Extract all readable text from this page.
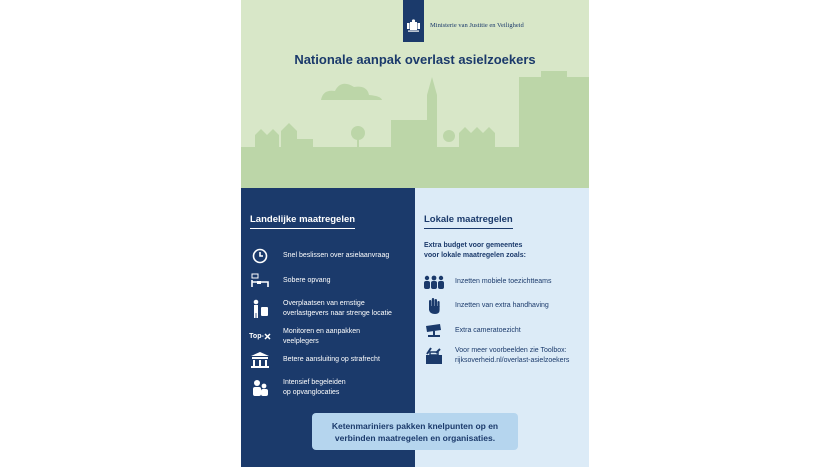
Ministerie van Justitie en Veiligheid
Nationale aanpak overlast asielzoekers
Landelijke maatregelen
Snel beslissen over asielaanvraag
Sobere opvang
Overplaatsen van ernstige
overlastgevers naar strenge locatie
Top-
Monitoren en aanpakken
veelplegers
Betere aansluiting op strafrecht
Intensief begeleiden
op opvanglocaties
Lokale maatregelen
Extra budget voor gemeentes
voor lokale maatregelen zoals:
Inzetten mobiele toezichtteams
Inzetten van extra handhaving
Extra cameratoezicht
Voor meer voorbeelden zie Toolbox:
rijksoverheid.nl/overlast-asielzoekers
Ketenmariniers pakken knelpunten op en
verbinden maatregelen en organisaties.
